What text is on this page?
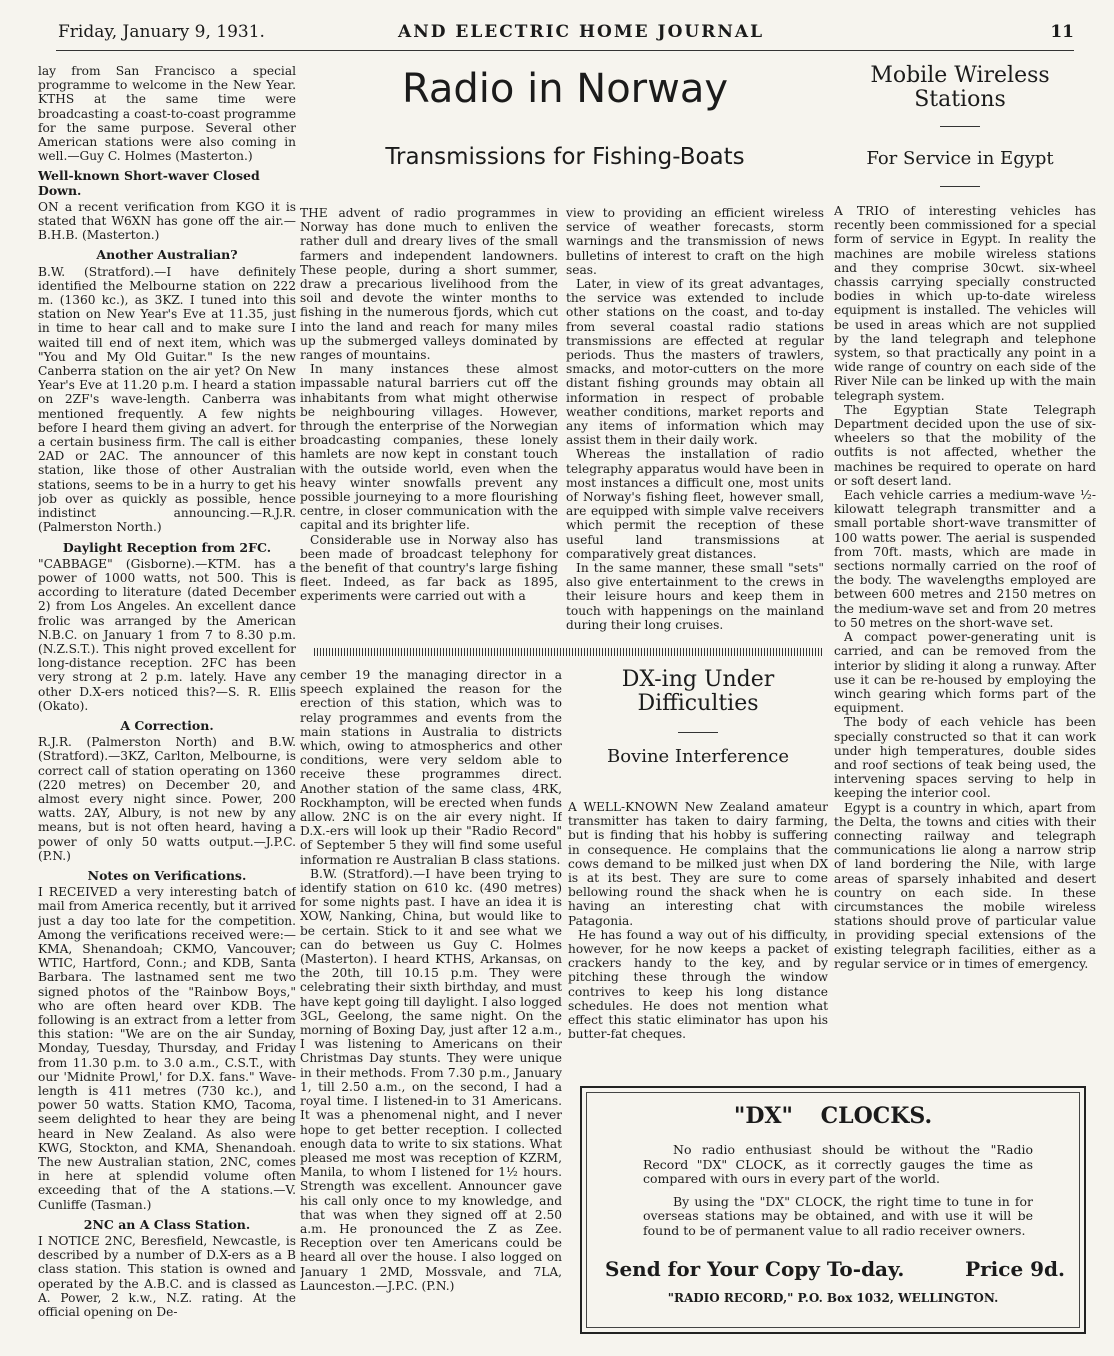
Friday, January 9, 1931.	AND ELECTRIC HOME JOURNAL	11

lay from San Francisco a special programme to welcome in the New Year. KTHS at the same time were broadcasting a coast-to-coast programme for the same purpose. Several other American stations were also coming in well.—Guy C. Holmes (Masterton.)

Well-known Short-waver Closed Down.

ON a recent verification from KGO it is stated that W6XN has gone off the air.—B.H.B. (Masterton.)

Another Australian?

B.W. (Stratford).—I have definitely identified the Melbourne station on 222 m. (1360 kc.), as 3KZ. I tuned into this station on New Year's Eve at 11.35, just in time to hear call and to make sure I waited till end of next item, which was "You and My Old Guitar." Is the new Canberra station on the air yet? On New Year's Eve at 11.20 p.m. I heard a station on 2ZF's wave-length. Canberra was mentioned frequently. A few nights before I heard them giving an advert. for a certain business firm. The call is either 2AD or 2AC. The announcer of this station, like those of other Australian stations, seems to be in a hurry to get his job over as quickly as possible, hence indistinct announcing.—R.J.R. (Palmerston North.)

Daylight Reception from 2FC.

"CABBAGE" (Gisborne).—KTM. has a power of 1000 watts, not 500. This is according to literature (dated December 2) from Los Angeles. An excellent dance frolic was arranged by the American N.B.C. on January 1 from 7 to 8.30 p.m. (N.Z.S.T.). This night proved excellent for long-distance reception. 2FC has been very strong at 2 p.m. lately. Have any other D.X-ers noticed this?—S. R. Ellis (Okato).

A Correction.

R.J.R. (Palmerston North) and B.W. (Stratford).—3KZ, Carlton, Melbourne, is correct call of station operating on 1360 (220 metres) on December 20, and almost every night since. Power, 200 watts. 2AY, Albury, is not new by any means, but is not often heard, having a power of only 50 watts output.—J.P.C. (P.N.)

Notes on Verifications.

I RECEIVED a very interesting batch of mail from America recently, but it arrived just a day too late for the competition. Among the verifications received were:—KMA, Shenandoah; CKMO, Vancouver; WTIC, Hartford, Conn.; and KDB, Santa Barbara. The lastnamed sent me two signed photos of the "Rainbow Boys," who are often heard over KDB. The following is an extract from a letter from this station: "We are on the air Sunday, Monday, Tuesday, Thursday, and Friday from 11.30 p.m. to 3.0 a.m., C.S.T., with our 'Midnite Prowl,' for D.X. fans." Wave-length is 411 metres (730 kc.), and power 50 watts. Station KMO, Tacoma, seem delighted to hear they are being heard in New Zealand. As also were KWG, Stockton, and KMA, Shenandoah. The new Australian station, 2NC, comes in here at splendid volume often exceeding that of the A stations.—V. Cunliffe (Tasman.)

2NC an A Class Station.

I NOTICE 2NC, Beresfield, Newcastle, is described by a number of D.X-ers as a B class station. This station is owned and operated by the A.B.C. and is classed as A. Power, 2 k.w., N.Z. rating. At the official opening on De-

Radio in Norway
Transmissions for Fishing-Boats

THE advent of radio programmes in Norway has done much to enliven the rather dull and dreary lives of the small farmers and independent landowners. These people, during a short summer, draw a precarious livelihood from the soil and devote the winter months to fishing in the numerous fjords, which cut into the land and reach for many miles up the submerged valleys dominated by ranges of mountains.

In many instances these almost impassable natural barriers cut off the inhabitants from what might otherwise be neighbouring villages. However, through the enterprise of the Norwegian broadcasting companies, these lonely hamlets are now kept in constant touch with the outside world, even when the heavy winter snowfalls prevent any possible journeying to a more flourishing centre, in closer communication with the capital and its brighter life.

Considerable use in Norway also has been made of broadcast telephony for the benefit of that country's large fishing fleet. Indeed, as far back as 1895, experiments were carried out with a

view to providing an efficient wireless service of weather forecasts, storm warnings and the transmission of news bulletins of interest to craft on the high seas.

Later, in view of its great advantages, the service was extended to include other stations on the coast, and to-day from several coastal radio stations transmissions are effected at regular periods. Thus the masters of trawlers, smacks, and motor-cutters on the more distant fishing grounds may obtain all information in respect of probable weather conditions, market reports and any items of information which may assist them in their daily work.

Whereas the installation of radio telegraphy apparatus would have been in most instances a difficult one, most units of Norway's fishing fleet, however small, are equipped with simple valve receivers which permit the reception of these useful land transmissions at comparatively great distances.

In the same manner, these small "sets" also give entertainment to the crews in their leisure hours and keep them in touch with happenings on the mainland during their long cruises.

cember 19 the managing director in a speech explained the reason for the erection of this station, which was to relay programmes and events from the main stations in Australia to districts which, owing to atmospherics and other conditions, were very seldom able to receive these programmes direct. Another station of the same class, 4RK, Rockhampton, will be erected when funds allow. 2NC is on the air every night. If D.X.-ers will look up their "Radio Record" of September 5 they will find some useful information re Australian B class stations.

B.W. (Stratford).—I have been trying to identify station on 610 kc. (490 metres) for some nights past. I have an idea it is XOW, Nanking, China, but would like to be certain. Stick to it and see what we can do between us Guy C. Holmes (Masterton). I heard KTHS, Arkansas, on the 20th, till 10.15 p.m. They were celebrating their sixth birthday, and must have kept going till daylight. I also logged 3GL, Geelong, the same night. On the morning of Boxing Day, just after 12 a.m., I was listening to Americans on their Christmas Day stunts. They were unique in their methods. From 7.30 p.m., January 1, till 2.50 a.m., on the second, I had a royal time. I listened-in to 31 Americans. It was a phenomenal night, and I never hope to get better reception. I collected enough data to write to six stations. What pleased me most was reception of KZRM, Manila, to whom I listened for 1½ hours. Strength was excellent. Announcer gave his call only once to my knowledge, and that was when they signed off at 2.50 a.m. He pronounced the Z as Zee. Reception over ten Americans could be heard all over the house. I also logged on January 1 2MD, Mossvale, and 7LA, Launceston.—J.P.C. (P.N.)

DX-ing Under Difficulties
Bovine Interference

A WELL-KNOWN New Zealand amateur transmitter has taken to dairy farming, but is finding that his hobby is suffering in consequence. He complains that the cows demand to be milked just when DX is at its best. They are sure to come bellowing round the shack when he is having an interesting chat with Patagonia.

He has found a way out of his difficulty, however, for he now keeps a packet of crackers handy to the key, and by pitching these through the window contrives to keep his long distance schedules. He does not mention what effect this static eliminator has upon his butter-fat cheques.

Mobile Wireless Stations
For Service in Egypt

A TRIO of interesting vehicles has recently been commissioned for a special form of service in Egypt. In reality the machines are mobile wireless stations and they comprise 30cwt. six-wheel chassis carrying specially constructed bodies in which up-to-date wireless equipment is installed. The vehicles will be used in areas which are not supplied by the land telegraph and telephone system, so that practically any point in a wide range of country on each side of the River Nile can be linked up with the main telegraph system.

The Egyptian State Telegraph Department decided upon the use of six-wheelers so that the mobility of the outfits is not affected, whether the machines be required to operate on hard or soft desert land.

Each vehicle carries a medium-wave ½-kilowatt telegraph transmitter and a small portable short-wave transmitter of 100 watts power. The aerial is suspended from 70ft. masts, which are made in sections normally carried on the roof of the body. The wavelengths employed are between 600 metres and 2150 metres on the medium-wave set and from 20 metres to 50 metres on the short-wave set.

A compact power-generating unit is carried, and can be removed from the interior by sliding it along a runway. After use it can be re-housed by employing the winch gearing which forms part of the equipment.

The body of each vehicle has been specially constructed so that it can work under high temperatures, double sides and roof sections of teak being used, the intervening spaces serving to help in keeping the interior cool.

Egypt is a country in which, apart from the Delta, the towns and cities with their connecting railway and telegraph communications lie along a narrow strip of land bordering the Nile, with large areas of sparsely inhabited and desert country on each side. In these circumstances the mobile wireless stations should prove of particular value in providing special extensions of the existing telegraph facilities, either as a regular service or in times of emergency.

"DX" CLOCKS.

No radio enthusiast should be without the "Radio Record "DX" CLOCK, as it correctly gauges the time as compared with ours in every part of the world.

By using the "DX" CLOCK, the right time to tune in for overseas stations may be obtained, and with use it will be found to be of permanent value to all radio receiver owners.

Send for Your Copy To-day.	Price 9d.
"RADIO RECORD," P.O. Box 1032, WELLINGTON.
